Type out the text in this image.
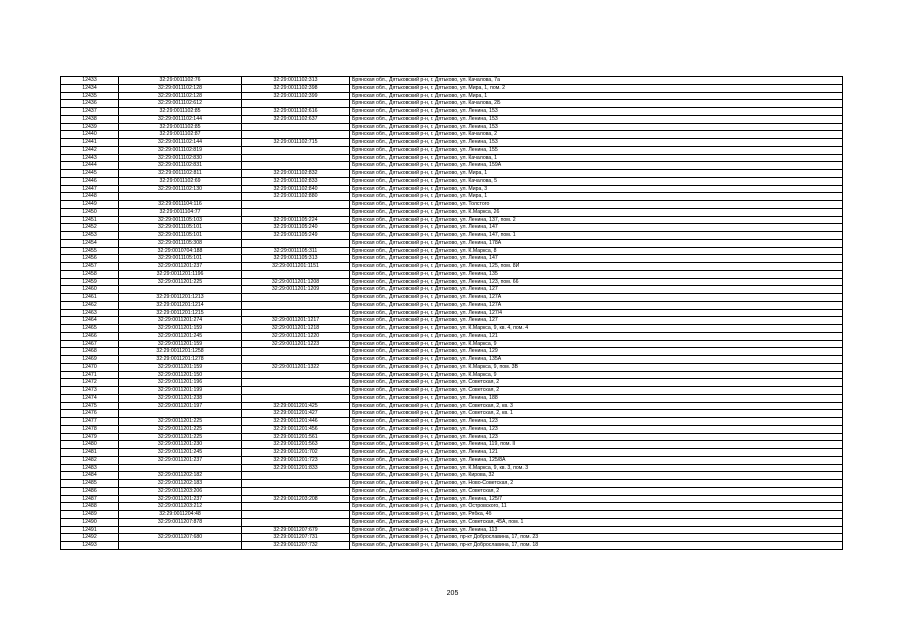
12433	32:29:0011102:76	32:29:0011102:313	Брянская обл., Дятьковский р-н, г. Дятьково, ул. Качалова, 7а
12434	32:29:0011102:128	32:29:0011102:398	Брянская обл., Дятьковский р-н, г. Дятьково, ул. Мира, 1, пом. 2
12435	32:29:0011102:128	32:29:0011102:399	Брянская обл., Дятьковский р-н, г. Дятьково, ул. Мира, 1
12436	32:29:0011102:612		Брянская обл., Дятьковский р-н, г. Дятьково, ул. Качалова, 2Б
12437	32:29:0011102:85	32:29:0011102:616	Брянская обл., Дятьковский р-н, г. Дятьково, ул. Ленина, 153
12438	32:29:0011102:144	32:29:0011102:637	Брянская обл., Дятьковский р-н, г. Дятьково, ул. Ленина, 153
12439	32:29:0011102:85		Брянская обл., Дятьковский р-н, г. Дятьково, ул. Ленина, 153
12440	32:29:0011102:87		Брянская обл., Дятьковский р-н, г. Дятьково, ул. Качалова, 2
12441	32:29:0011102:144	32:29:0011102:715	Брянская обл., Дятьковский р-н, г. Дятьково, ул. Ленина, 153
12442	32:29:0011102:819		Брянская обл., Дятьковский р-н, г. Дятьково, ул. Ленина, 155
12443	32:29:0011102:830		Брянская обл., Дятьковский р-н, г. Дятьково, ул. Качалова, 1
12444	32:29:0011102:831		Брянская обл., Дятьковский р-н, г. Дятьково, ул. Ленина, 159А
12445	32:29:0011102:811	32:29:0011102:832	Брянская обл., Дятьковский р-н, г. Дятьково, ул. Мира, 1
12446	32:29:0011102:69	32:29:0011102:833	Брянская обл., Дятьковский р-н, г. Дятьково, ул. Качалова, 5
12447	32:29:0011102:130	32:29:0011102:840	Брянская обл., Дятьковский р-н, г. Дятьково, ул. Мира, 3
12448		32:29:0011102:880	Брянская обл., Дятьковский р-н, г. Дятьково, ул. Мира, 1
12449	32:29:0011104:116		Брянская обл., Дятьковский р-н, г. Дятьково, ул. Толстого
12450	32:29:0011104:77		Брянская обл., Дятьковский р-н, г. Дятьково, ул. К.Маркса, 26
12451	32:29:0011105:103	32:29:0011105:224	Брянская обл., Дятьковский р-н, г. Дятьково, ул. Ленина, 137, пом. 2
12452	32:29:0011105:101	32:29:0011105:240	Брянская обл., Дятьковский р-н, г. Дятьково, ул. Ленина, 147
12453	32:29:0011105:101	32:29:0011105:249	Брянская обл., Дятьковский р-н, г. Дятьково, ул. Ленина, 147, пом. 1
12454	32:29:0011105:308		Брянская обл., Дятьковский р-н, г. Дятьково, ул. Ленина, 178А
12455	32:29:0010704:188	32:29:0011105:311	Брянская обл., Дятьковский р-н, г. Дятьково, ул. К.Маркса, 8
12456	32:29:0011105:101	32:29:0011105:313	Брянская обл., Дятьковский р-н, г. Дятьково, ул. Ленина, 147
12457	32:29:0011201:237	32:29:0011201:1151	Брянская обл., Дятьковский р-н, г. Дятьково, ул. Ленина, 125, пом. 8И
12458	32:29:0011201:1196		Брянская обл., Дятьковский р-н, г. Дятьково, ул. Ленина, 135
12459	32:29:0011201:225	32:29:0011201:1208	Брянская обл., Дятьковский р-н, г. Дятьково, ул. Ленина, 123, пом. 66
12460		32:29:0011201:1209	Брянская обл., Дятьковский р-н, г. Дятьково, ул. Ленина, 127
12461	32:29:0011201:1213		Брянская обл., Дятьковский р-н, г. Дятьково, ул. Ленина, 127А
12462	32:29:0011201:1214		Брянская обл., Дятьковский р-н, г. Дятьково, ул. Ленина, 127А
12463	32:29:0011201:1215		Брянская обл., Дятьковский р-н, г. Дятьково, ул. Ленина, 127/4
12464	32:29:0011201:274	32:29:0011201:1217	Брянская обл., Дятьковский р-н, г. Дятьково, ул. Ленина, 127
12465	32:29:0011201:159	32:29:0011201:1218	Брянская обл., Дятьковский р-н, г. Дятьково, ул. К.Маркса, 9, кв. 4, пом. 4
12466	32:29:0011201:245	32:29:0011201:1220	Брянская обл., Дятьковский р-н, г. Дятьково, ул. Ленина, 121
12467	32:29:0011201:159	32:29:0011201:1223	Брянская обл., Дятьковский р-н, г. Дятьково, ул. К.Маркса, 9
12468	32:29:0011201:1258		Брянская обл., Дятьковский р-н, г. Дятьково, ул. Ленина, 129
12469	32:29:0011201:1278		Брянская обл., Дятьковский р-н, г. Дятьково, ул. Ленина, 135А
12470	32:29:0011201:159	32:29:0011201:1322	Брянская обл., Дятьковский р-н, г. Дятьково, ул. К.Маркса, 9, пом. 3В
12471	32:29:0011201:150		Брянская обл., Дятьковский р-н, г. Дятьково, ул. К.Маркса, 9
12472	32:29:0011201:196		Брянская обл., Дятьковский р-н, г. Дятьково, ул. Советская, 2
12473	32:29:0011201:199		Брянская обл., Дятьковский р-н, г. Дятьково, ул. Советская, 2
12474	32:29:0011201:238		Брянская обл., Дятьковский р-н, г. Дятьково, ул. Ленина, 188
12475	32:29:0011201:197	32:29:0011201:425	Брянская обл., Дятьковский р-н, г. Дятьково, ул. Советская, 2, кв. 3
12476		32:29:0011201:427	Брянская обл., Дятьковский р-н, г. Дятьково, ул. Советская, 2, кв. 1
12477	32:29:0011201:225	32:29:0011201:446	Брянская обл., Дятьковский р-н, г. Дятьково, ул. Ленина, 123
12478	32:29:0011201:225	32:29:0011201:456	Брянская обл., Дятьковский р-н, г. Дятьково, ул. Ленина, 123
12479	32:29:0011201:225	32:29:0011201:561	Брянская обл., Дятьковский р-н, г. Дятьково, ул. Ленина, 123
12480	32:29:0011201:230	32:29:0011201:563	Брянская обл., Дятьковский р-н, г. Дятьково, ул. Ленина, 119, пом. II
12481	32:29:0011201:245	32:29:0011201:702	Брянская обл., Дятьковский р-н, г. Дятьково, ул. Ленина, 121
12482	32:29:0011201:237	32:29:0011201:723	Брянская обл., Дятьковский р-н, г. Дятьково, ул. Ленина, 125/8А
12483		32:29:0011201:833	Брянская обл., Дятьковский р-н, г. Дятьково, ул. К.Маркса, 9, кв. 3, пом. 3
12484	32:29:0011202:182		Брянская обл., Дятьковский р-н, г. Дятьково, ул. Кирова, 32
12485	32:29:0011202:183		Брянская обл., Дятьковский р-н, г. Дятьково, ул. Ново-Советская, 2
12486	32:29:0011203:206		Брянская обл., Дятьковский р-н, г. Дятьково, ул. Советская, 2
12487	32:29:0011201:237	32:29:0011203:208	Брянская обл., Дятьковский р-н, г. Дятьково, ул. Ленина, 125/7
12488	32:29:0011203:212		Брянская обл., Дятьковский р-н, г. Дятьково, ул. Островского, 11
12489	32:29:0011204:48		Брянская обл., Дятьковский р-н, г. Дятьково, ул. Рябка, 4б
12490	32:29:0011207:878		Брянская обл., Дятьковский р-н, г. Дятьково, ул. Советская, 45А, пом. 1
12491		32:29:0011207:679	Брянская обл., Дятьковский р-н, г. Дятьково, ул. Ленина, 113
12492	32:29:0011207:680	32:29:0011207:731	Брянская обл., Дятьковский р-н, г. Дятьково, пр-кт Доброславина, 17, пом. 23
12493		32:29:0011207:732	Брянская обл., Дятьковский р-н, г. Дятьково, пр-кт Доброславина, 17, пом. 18
205
